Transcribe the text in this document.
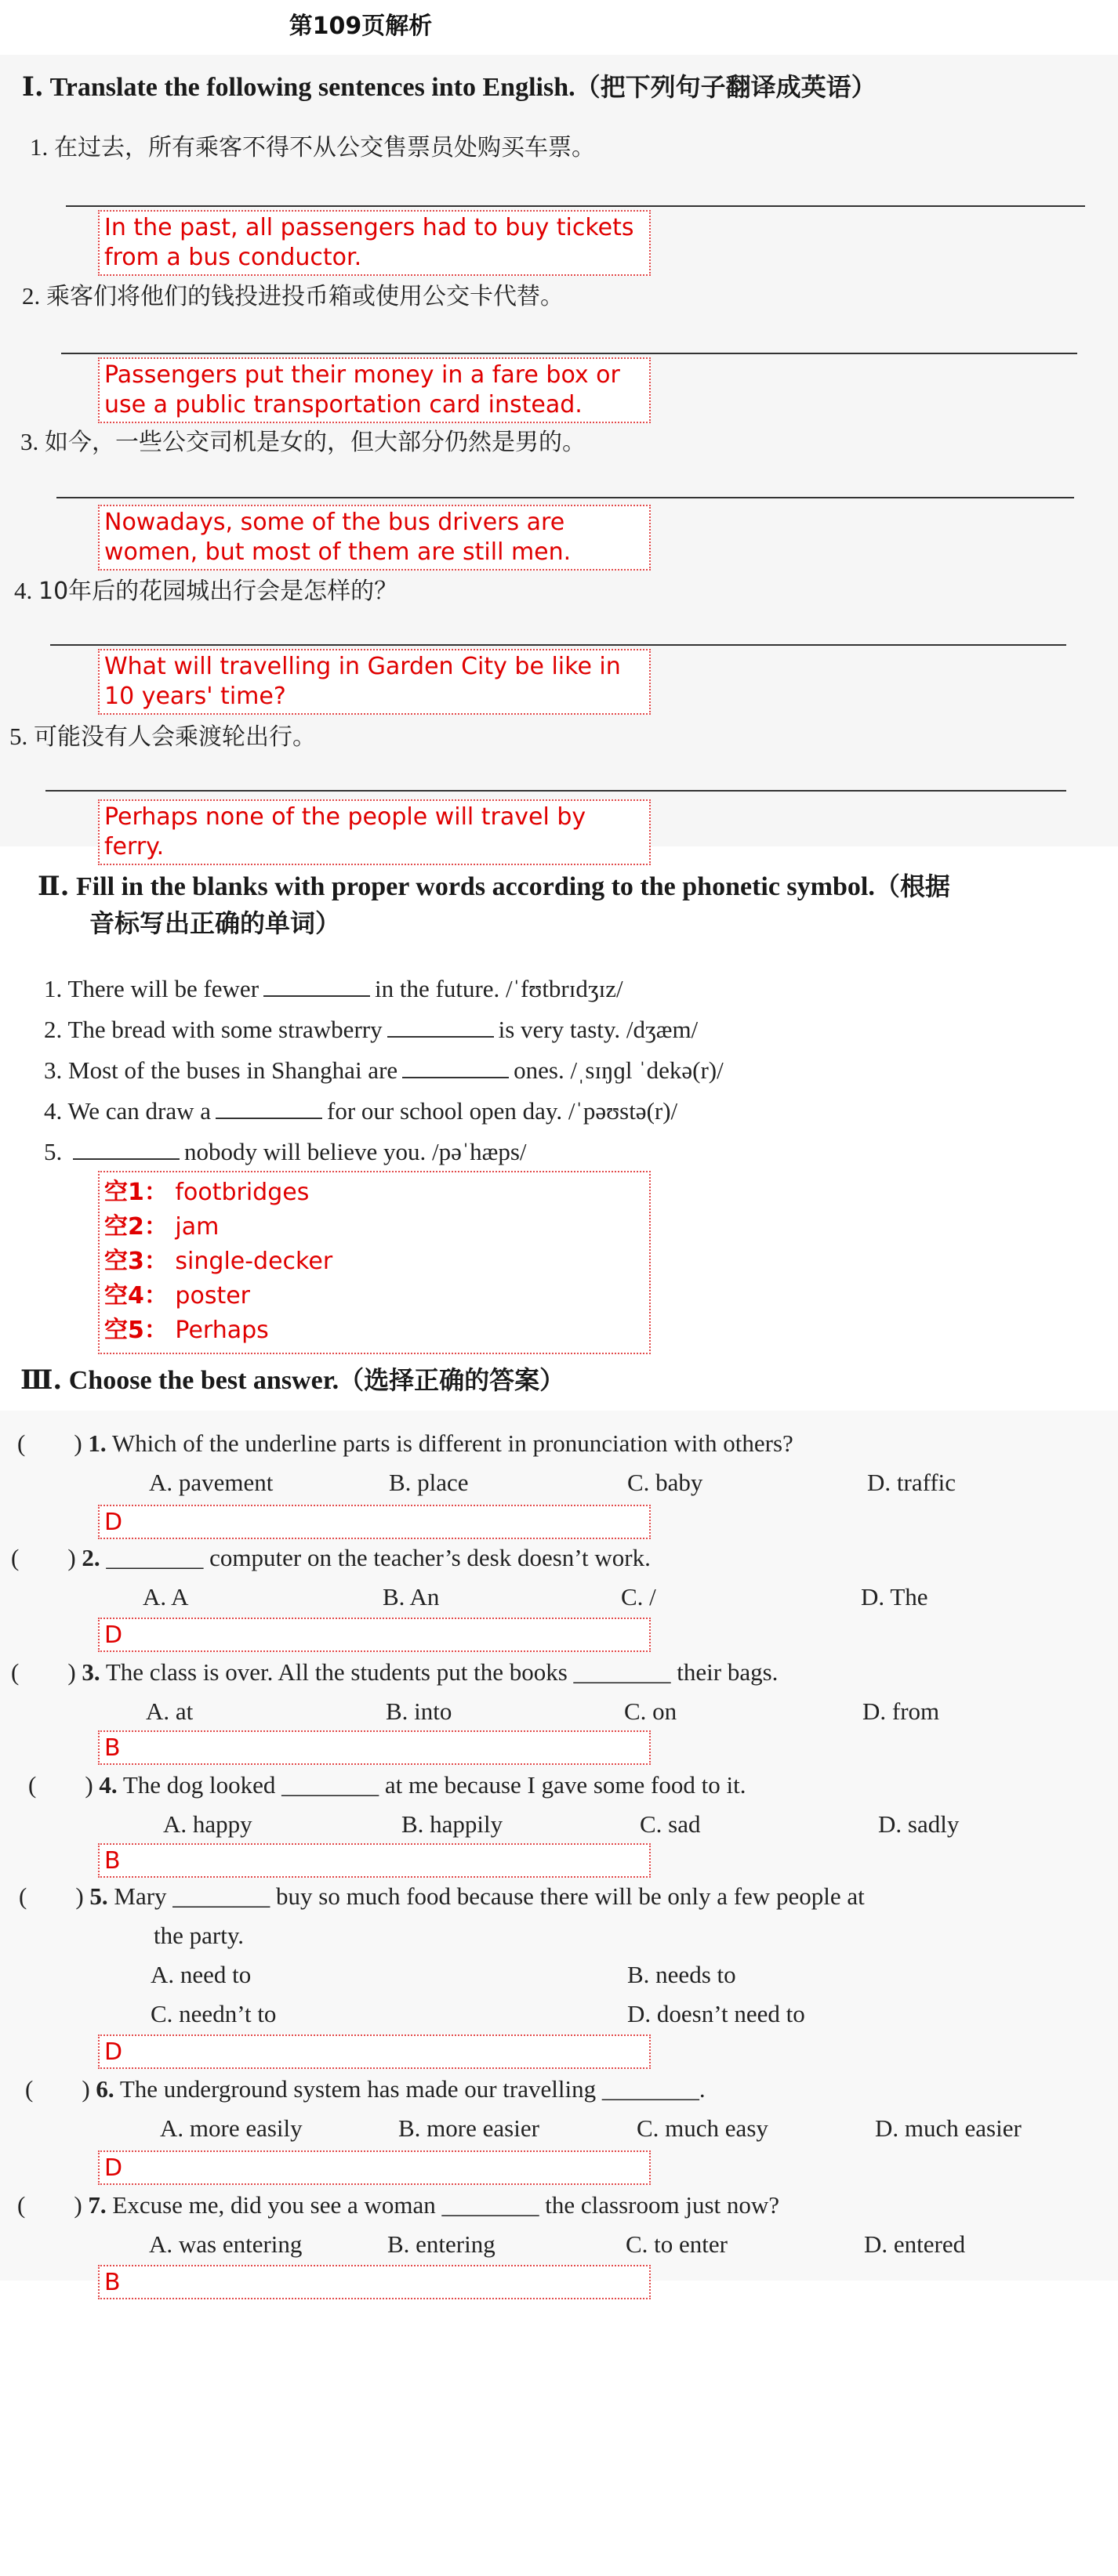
第109页解析
Ⅰ. Translate the following sentences into English.（把下列句子翻译成英语）
1. 在过去，所有乘客不得不从公交售票员处购买车票。
In the past, all passengers had to buy tickets from a bus conductor.
2. 乘客们将他们的钱投进投币箱或使用公交卡代替。
Passengers put their money in a fare box or use a public transportation card instead.
3. 如今，一些公交司机是女的，但大部分仍然是男的。
Nowadays, some of the bus drivers are women, but most of them are still men.
4. 10年后的花园城出行会是怎样的？
What will travelling in Garden City be like in 10 years' time?
5. 可能没有人会乘渡轮出行。
Perhaps none of the people will travel by ferry.
Ⅱ. Fill in the blanks with proper words according to the phonetic symbol.（根据
音标写出正确的单词）
1. There will be fewer	in the future. /ˈfʊtbrɪdʒɪz/
2. The bread with some strawberry	is very tasty. /dʒæm/
3. Most of the buses in Shanghai are	ones. /ˌsɪŋɡl ˈdekə(r)/
4. We can draw a	for our school open day. /ˈpəʊstə(r)/
5.	nobody will believe you. /pəˈhæps/
空1： footbridges
空2： jam
空3： single-decker
空4： poster
空5： Perhaps
Ⅲ. Choose the best answer.（选择正确的答案）
(　　) 1. Which of the underline parts is different in pronunciation with others?
A. pavement	B. place	C. baby	D. traffic
D
(　　) 2. ________ computer on the teacher’s desk doesn’t work.
A. A	B. An	C. /	D. The
D
(　　) 3. The class is over. All the students put the books ________ their bags.
A. at	B. into	C. on	D. from
B
(　　) 4. The dog looked ________ at me because I gave some food to it.
A. happy	B. happily	C. sad	D. sadly
B
(　　) 5. Mary ________ buy so much food because there will be only a few people at
the party.
A. need to	B. needs to
C. needn’t to	D. doesn’t need to
D
(　　) 6. The underground system has made our travelling ________.
A. more easily	B. more easier	C. much easy	D. much easier
D
(　　) 7. Excuse me, did you see a woman ________ the classroom just now?
A. was entering	B. entering	C. to enter	D. entered
B
